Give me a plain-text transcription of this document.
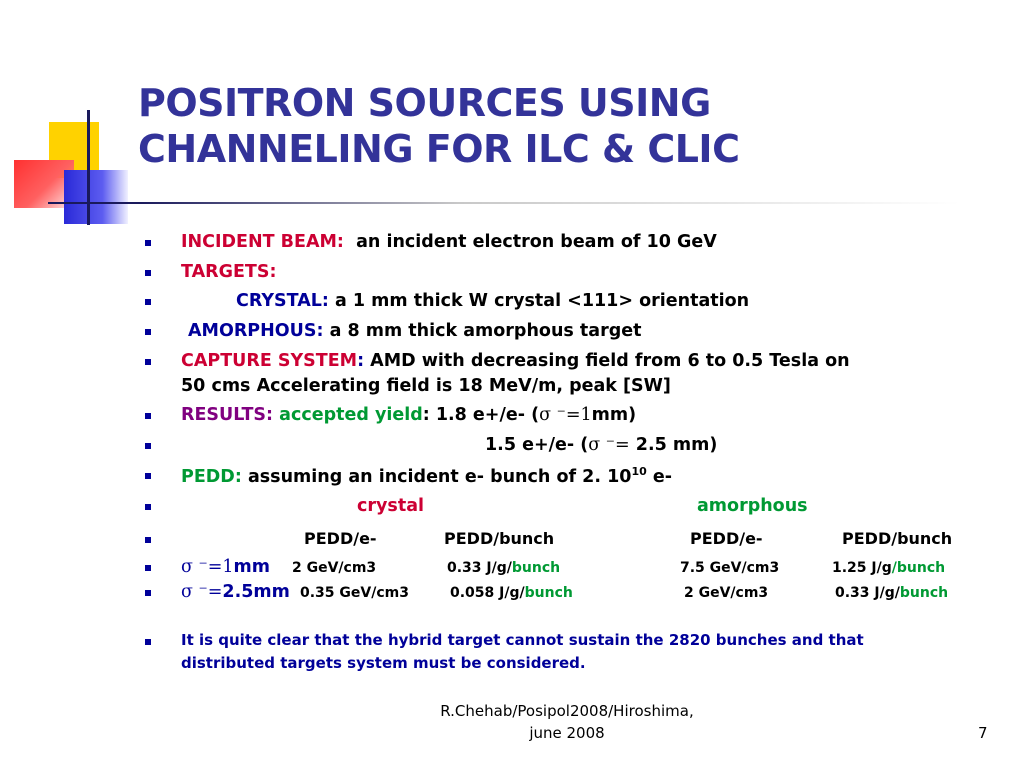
POSITRON SOURCES USING CHANNELING FOR ILC & CLIC
INCIDENT BEAM: an incident electron beam of 10 GeV
TARGETS:
CRYSTAL: a 1 mm thick W crystal <111> orientation
AMORPHOUS: a 8 mm thick amorphous target
CAPTURE SYSTEM: AMD with decreasing field from 6 to 0.5 Tesla on
50 cms Accelerating field is 18 MeV/m, peak [SW]
RESULTS: accepted yield: 1.8 e+/e- (σ ⁻=1mm)
1.5 e+/e- (σ ⁻= 2.5 mm)
PEDD: assuming an incident e- bunch of 2. $10^{10}$ e-
crystal	amorphous
PEDD/e-	PEDD/bunch	PEDD/e-	PEDD/bunch
σ ⁻=1mm 2 GeV/cm3	0.33 J/g/bunch	7.5 GeV/cm3	1.25 J/g/bunch
σ ⁻=2.5mm 0.35 GeV/cm3	0.058 J/g/bunch	2 GeV/cm3	0.33 J/g/bunch
It is quite clear that the hybrid target cannot sustain the 2820 bunches and that
distributed targets system must be considered.
R.Chehab/Posipol2008/Hiroshima,
june 2008	7
